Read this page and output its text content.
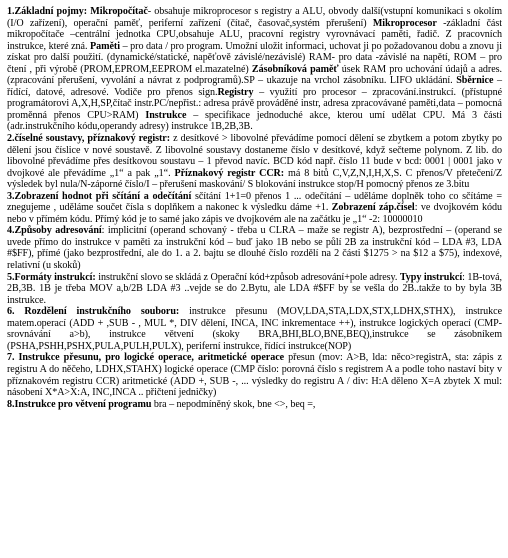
1.Základní pojmy: Mikropočítač- obsahuje mikroprocesor s registry a ALU, obvody další(vstupní komunikaci s okolím (I/O zařízení), operační paměť, periferní zařízení (čítač, časovač,systém přerušení) Mikroprocesor -základní část mikropočítače –centrální jednotka CPU,obsahuje ALU, pracovní registry vyrovnávací paměti, řadič. Z pracovních instrukce, které zná. Paměti – pro data / pro program. Umožní uložit informaci, uchovat ji po požadovanou dobu a znovu ji získat pro další použití. (dynamické/statické, napěťově závislé/nezávislé) RAM- pro data -závislé na napětí, ROM – pro čtení , při výrobě (PROM,EPROM,EEPROM el.mazatelné) Zásobníková paměť úsek RAM pro uchování údajů a adres.(zpracování přerušení, vyvolání a návrat z podprogramů).SP – ukazuje na vrchol zásobníku. LIFO ukládání. Sběrnice – řídící, datové, adresové. Vodiče pro přenos sign.Registry – využití pro procesor – zpracování.instrukcí. (přístupné programátorovi A,X,H,SP,čítač instr.PC/nepřist.: adresa právě prováděné instr, adresa zpracovávané paměti,data – pomocná proměnná přenos CPU>RAM) Instrukce – specifikace jednoduché akce, kterou umí udělat CPU. Má 3 části (adr.instrukčního kódu,operandy adresy) instrukce 1B,2B,3B.

2.číselné soustavy, příznakový registr: z desítkové > libovolné převádíme pomocí dělení se zbytkem a potom zbytky po dělení jsou číslice v nové soustavě. Z libovolné soustavy dostaneme číslo v desítkové, když sečteme polynom. Z lib. do libovolné převádíme přes desítkovou soustavu – 1 převod navíc. BCD kód např. číslo 11 bude v bcd: 0001 | 0001 jako v dvojkové ale převádíme „1“ a pak „1“. Příznakový registr CCR: má 8 bitů C,V,Z,N,I,H,X,S. C přenos/V přetečení/Z výsledek byl nula/N-záporné číslo/I – přerušení maskování/ S blokování instrukce stop/H pomocný přenos ze 3.bitu

3.Zobrazení hodnot při sčítání a odečítání sčítání 1+1=0 přenos 1 ... odečítání – uděláme doplněk toho co sčítáme = znegujeme , uděláme součet čísla s doplňkem a nakonec k výsledku dáme +1. Zobrazení záp.čísel: ve dvojkovém kódu nebo v přímém kódu. Přímý kód je to samé jako zápis ve dvojkovém ale na začátku je „1“ -2: 10000010

4.Způsoby adresování: implicitní (operand schovaný - třeba u CLRA – maže se registr A), bezprostřední – (operand se uvede přímo do instrukce v paměti za instrukční kód – buď jako 1B nebo se půlí 2B za instrukční kód – LDA #3, LDA #$FF), přímé (jako bezprostřední, ale do 1. a 2. bajtu se dlouhé číslo rozdělí na 2 části $1275 > na $12 a $75), indexové, relativní (u skoků)

5.Formáty instrukcí: instrukční slovo se skládá z Operační kód+způsob adresování+pole adresy. Typy instrukcí: 1B-tová, 2B,3B. 1B je třeba MOV a,b/2B LDA #3 ..vejde se do 2.Bytu, ale LDA #$FF by se vešla do 2B..takže to by byla 3B instrukce.

6. Rozdělení instrukčního souboru: instrukce přesunu (MOV,LDA,STA,LDX,STX,LDHX,STHX), instrukce matem.operací (ADD + ,SUB - , MUL *, DIV dělení, INCA, INC inkrementace ++), instrukce logických operací (CMP- srovnávání a>b), instrukce větvení (skoky BRA,BHI,BLO,BNE,BEQ),instrukce se zásobníkem (PSHA,PSHH,PSHX,PULA,PULH,PULX), periferní instrukce, řídící instrukce(NOP)

7. Instrukce přesunu, pro logické operace, aritmetické operace přesun (mov: A>B, lda: něco>registrA, sta: zápis z registru A do něčeho, LDHX,STAHX) logické operace (CMP číslo: porovná číslo s registrem A a podle toho nastaví bity v příznakovém registru CCR) aritmetické (ADD +, SUB -, ... výsledky do registru A / div: H:A děleno X=A zbytek X mul: násobení X*A>X:A, INC,INCA .. přičtení jedničky)

8.Instrukce pro větvení programu bra – nepodmíněný skok, bne <>, beq =,
